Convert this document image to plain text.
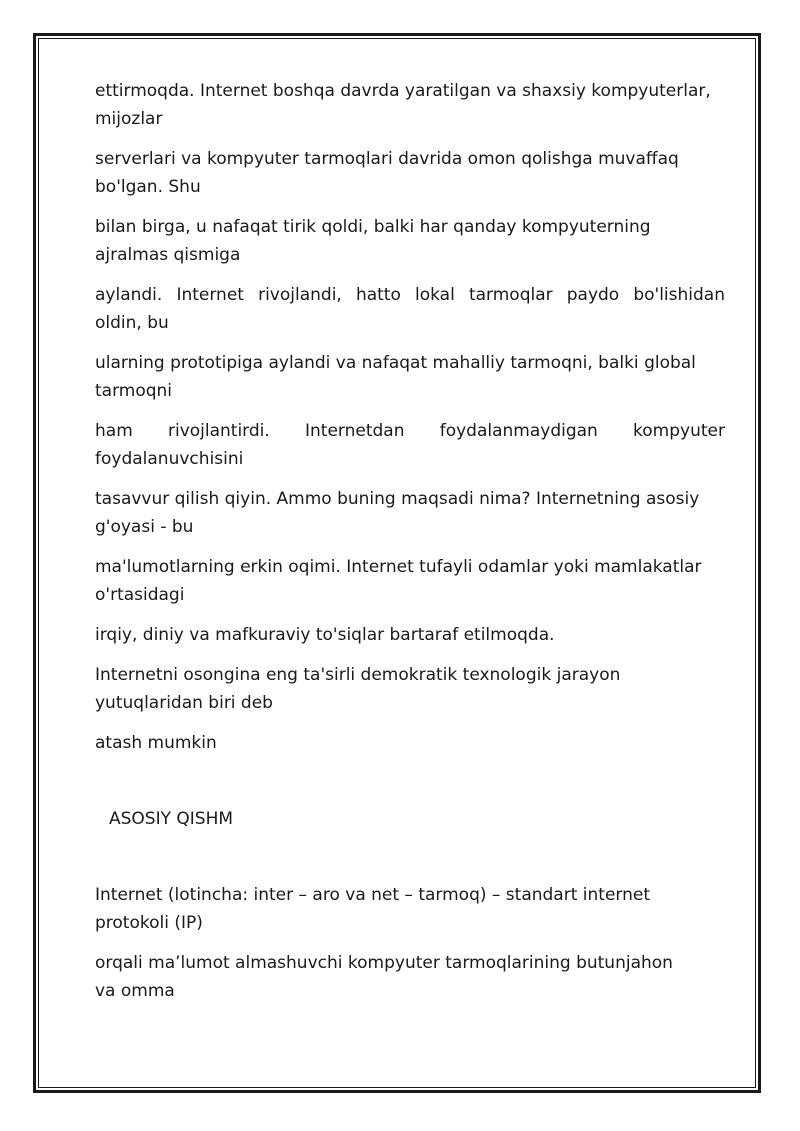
ettirmoqda. Internet boshqa davrda yaratilgan va shaxsiy kompyuterlar,
mijozlar
serverlari va kompyuter tarmoqlari davrida omon qolishga muvaffaq
bo'lgan. Shu
bilan birga, u nafaqat tirik qoldi, balki har qanday kompyuterning
ajralmas qismiga
aylandi. Internet rivojlandi, hatto lokal tarmoqlar paydo bo'lishidan
oldin, bu
ularning prototipiga aylandi va nafaqat mahalliy tarmoqni, balki global
tarmoqni
ham rivojlantirdi. Internetdan foydalanmaydigan kompyuter
foydalanuvchisini
tasavvur qilish qiyin. Ammo buning maqsadi nima? Internetning asosiy
g'oyasi - bu
ma'lumotlarning erkin oqimi. Internet tufayli odamlar yoki mamlakatlar
o'rtasidagi
irqiy, diniy va mafkuraviy to'siqlar bartaraf etilmoqda.
Internetni osongina eng ta'sirli demokratik texnologik jarayon
yutuqlaridan biri deb
atash mumkin
ASOSIY QISHM
Internet (lotincha: inter – aro va net – tarmoq) – standart internet
protokoli (IP)
orqali ma’lumot almashuvchi kompyuter tarmoqlarining butunjahon
va omma
